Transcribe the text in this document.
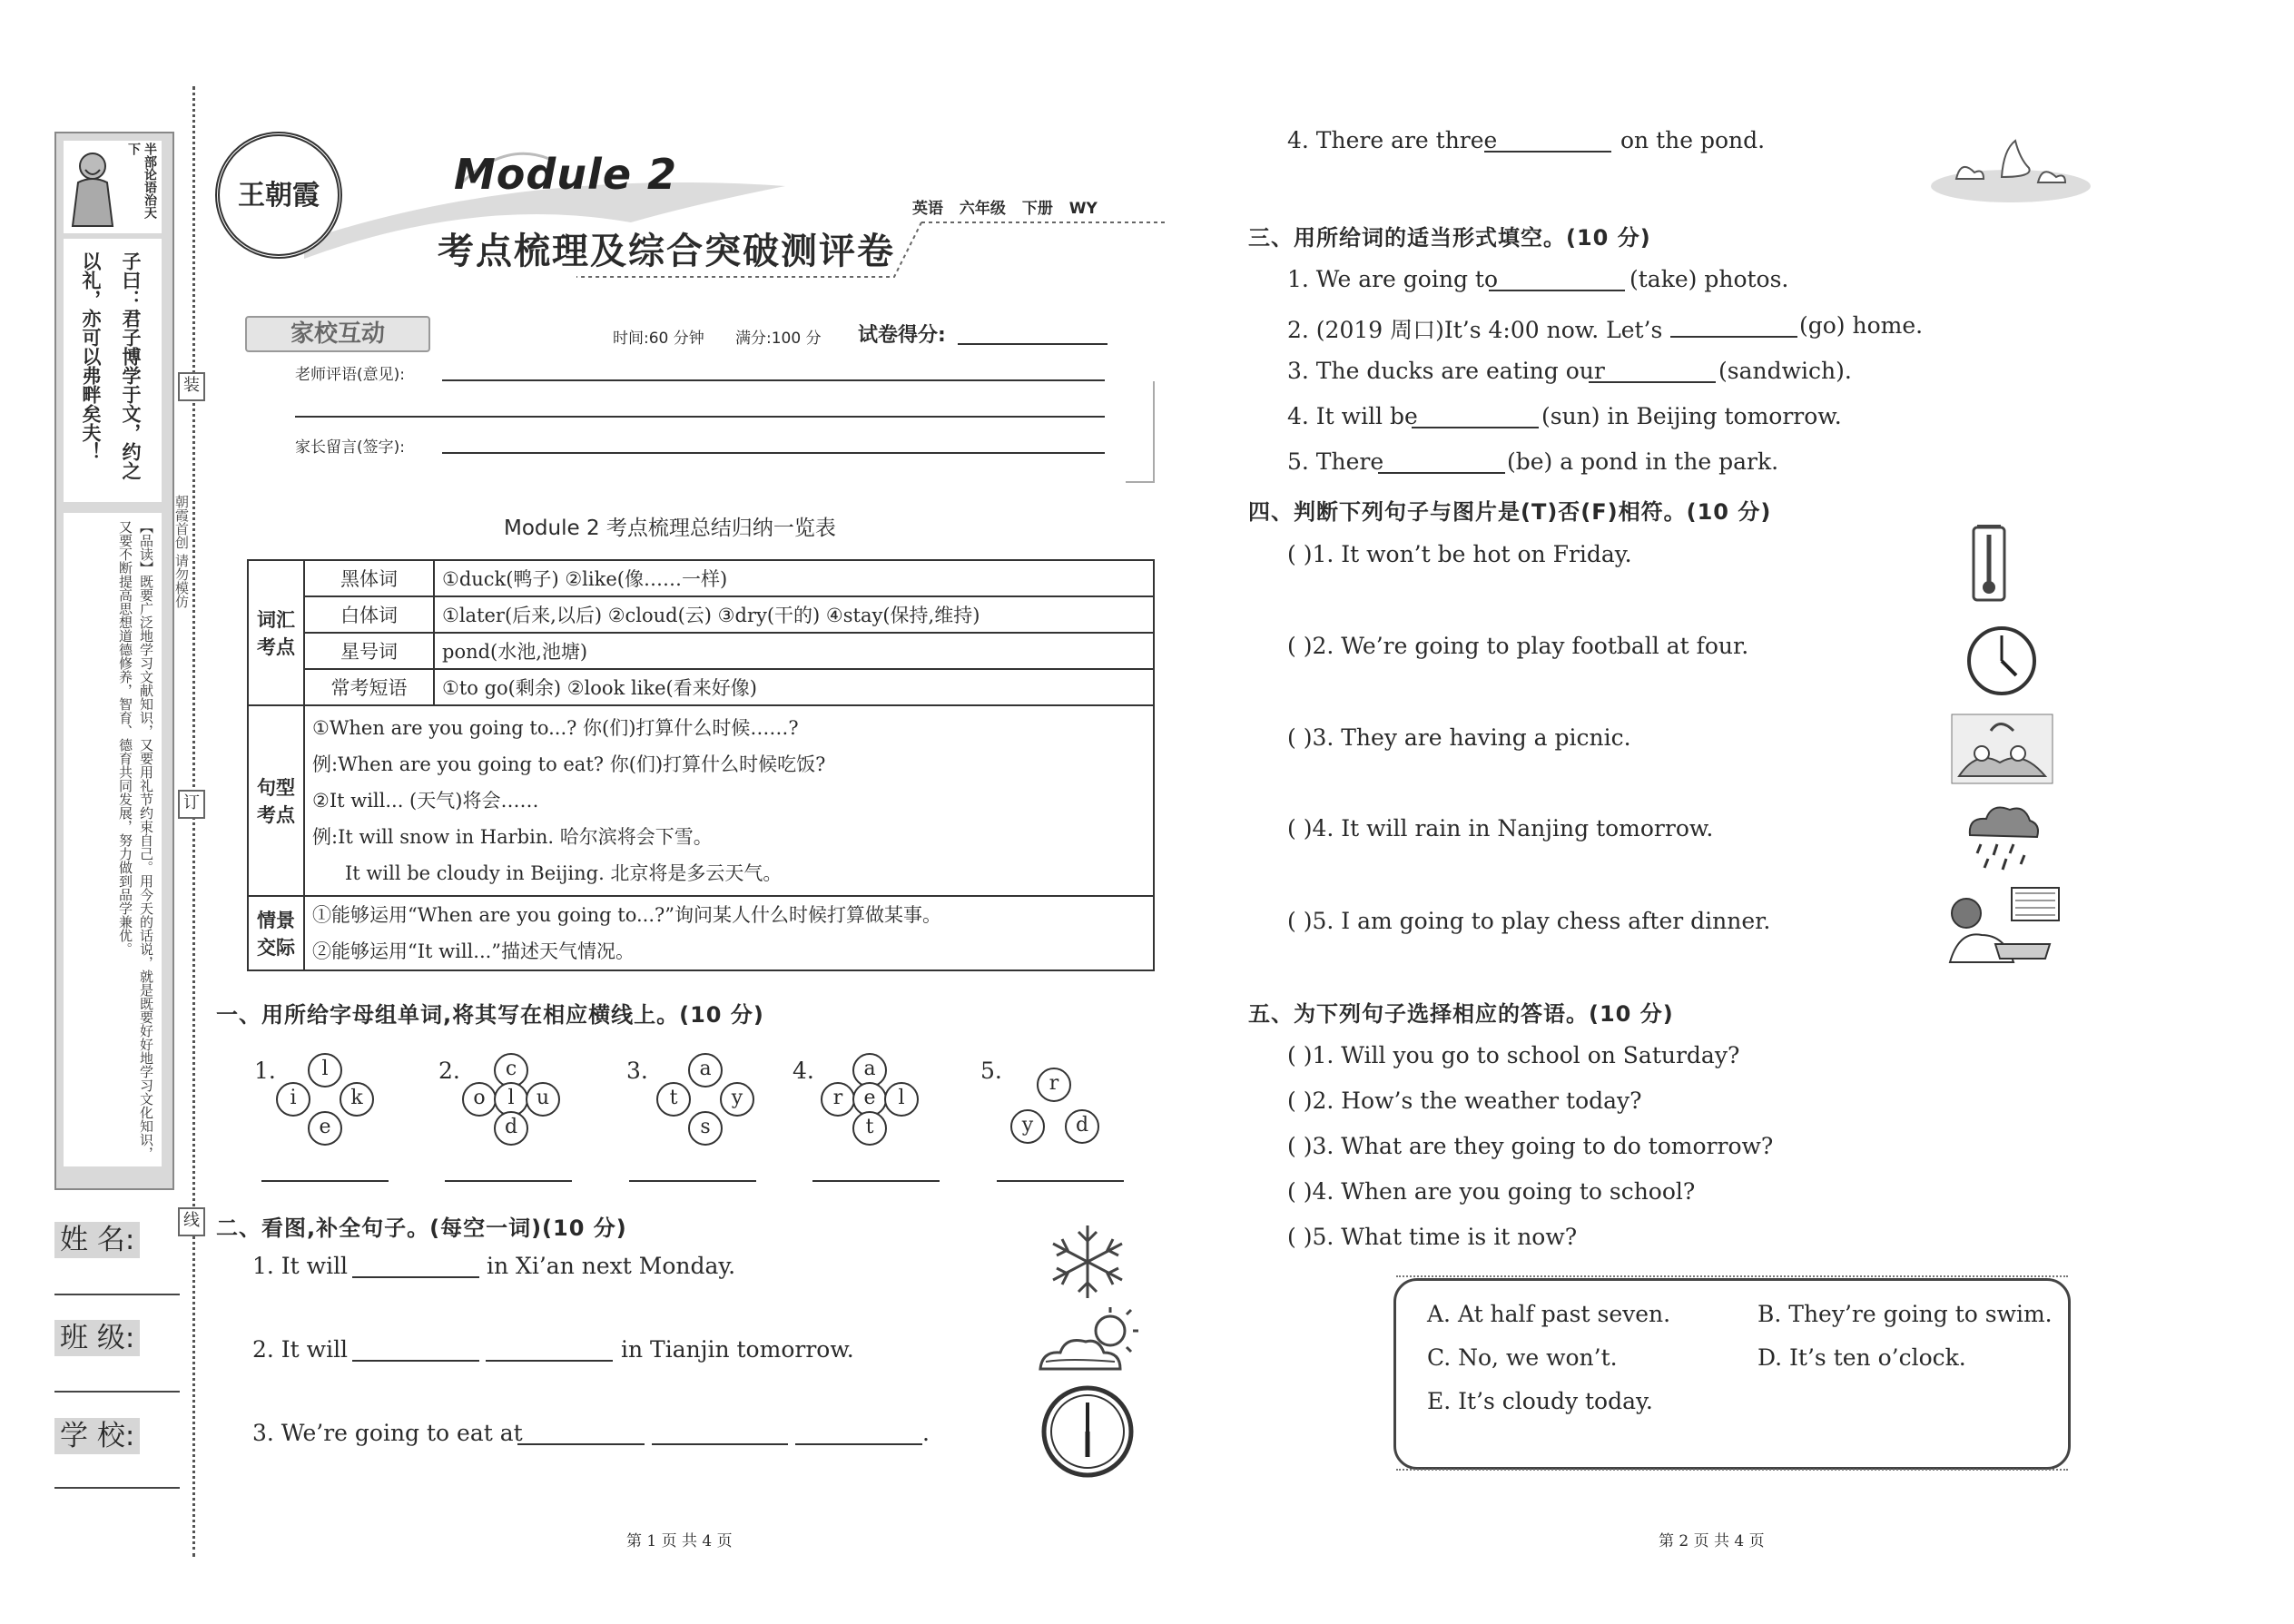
半部论语治天下
子曰：君子博学于文，约之以礼，亦可以弗畔矣夫！
【品读】既要广泛地学习文献知识，又要用礼节约束自己。用今天的话说，就是既要好好地学习文化知识，又要不断提高思想道德修养，智育、德育共同发展，努力做到品学兼优。
装
订
线
朝霞首创 请勿模仿
姓 名:
班 级:
学 校:
王朝霞	Module 2
考点梳理及综合突破测评卷
英语 六年级 下册 WY
家校互动	时间:60 分钟 满分:100 分 试卷得分:
老师评语(意见):
家长留言(签字):
Module 2 考点梳理总结归纳一览表
词汇考点	黑体词	①duck(鸭子) ②like(像……一样)
	白体词	①later(后来,以后) ②cloud(云) ③dry(干的) ④stay(保持,维持)
	星号词	pond(水池,池塘)
	常考短语	①to go(剩余) ②look like(看来好像)
句型考点	①When are you going to...? 你(们)打算什么时候……?
例:When are you going to eat? 你(们)打算什么时候吃饭?
②It will... (天气)将会……
例:It will snow in Harbin. 哈尔滨将会下雪。
It will be cloudy in Beijing. 北京将是多云天气。	

情景交际	①能够运用“When are you going to...?”询问某人什么时候打算做某事。
②能够运用“It will...”描述天气情况。	
一、用所给字母组单词,将其写在相应横线上。(10 分)
1.	l
i	k
e
2.	c
o	l	u
d
3.	a
t	y
s
4.	a
r	e	l
t
5.	r
y	d
二、看图,补全句子。(每空一词)(10 分)
1. It will	in Xi’an next Monday.
2. It will	in Tianjin tomorrow.
3. We’re going to eat at	.
第 1 页 共 4 页	第 2 页 共 4 页
4. There are three	on the pond.
三、用所给词的适当形式填空。(10 分)
1. We are going to	(take) photos.
2. (2019 周口)It’s 4:00 now. Let’s	(go) home.
3. The ducks are eating our	(sandwich).
4. It will be	(sun) in Beijing tomorrow.
5. There	(be) a pond in the park.
四、判断下列句子与图片是(T)否(F)相符。(10 分)
( )1. It won’t be hot on Friday.
( )2. We’re going to play football at four.
( )3. They are having a picnic.
( )4. It will rain in Nanjing tomorrow.
( )5. I am going to play chess after dinner.
五、为下列句子选择相应的答语。(10 分)
( )1. Will you go to school on Saturday?
( )2. How’s the weather today?
( )3. What are they going to do tomorrow?
( )4. When are you going to school?
( )5. What time is it now?
A. At half past seven.	B. They’re going to swim.
C. No, we won’t.	D. It’s ten o’clock.
E. It’s cloudy today.
